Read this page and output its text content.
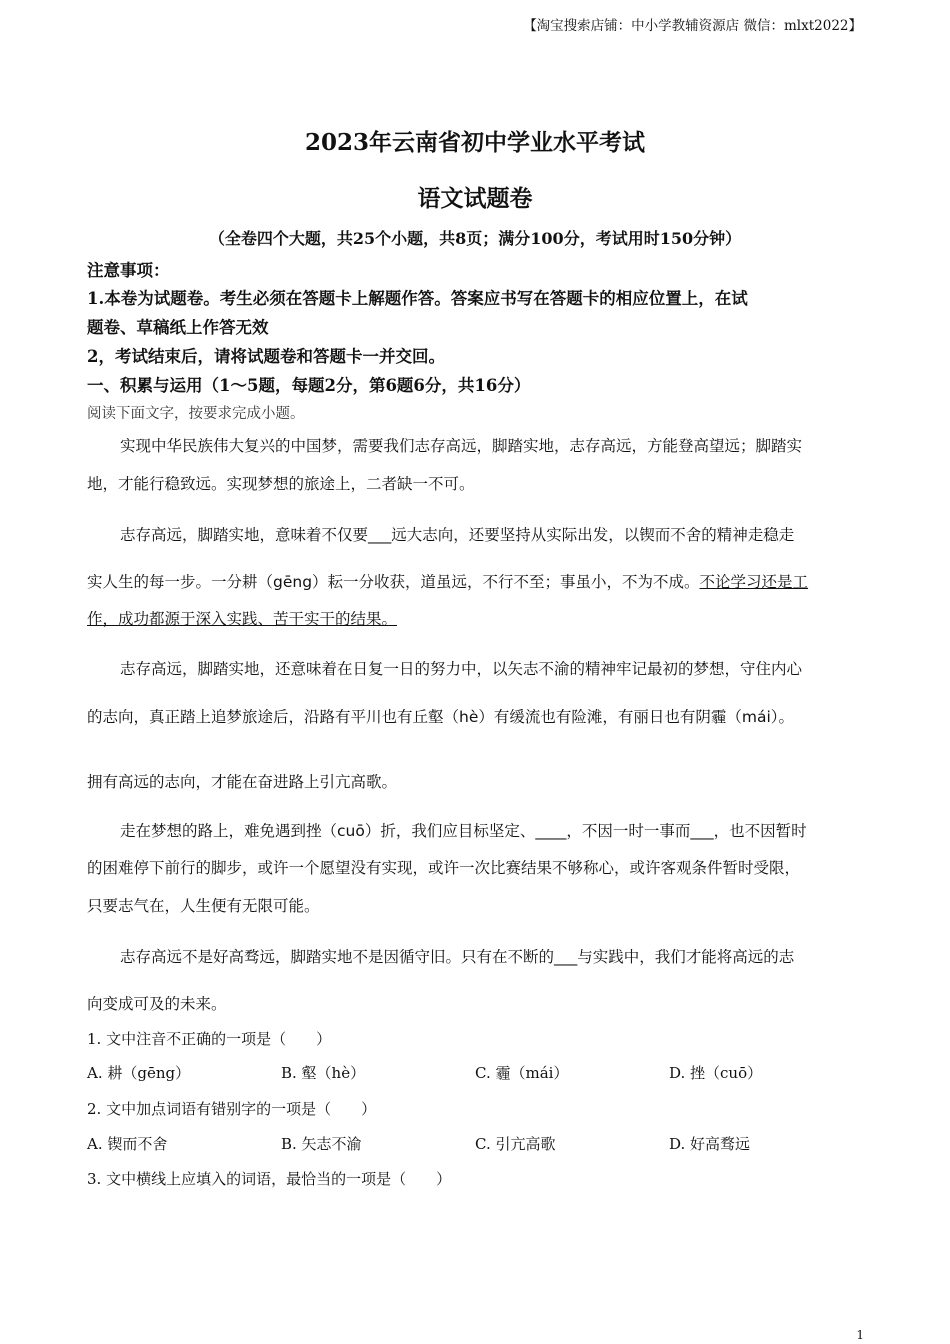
【淘宝搜索店铺：中小学教辅资源店 微信：mlxt2022】
2023年云南省初中学业水平考试
语文试题卷
（全卷四个大题，共25个小题，共8页；满分100分，考试用时150分钟）
注意事项：
1.本卷为试题卷。考生必须在答题卡上解题作答。答案应书写在答题卡的相应位置上，在试
题卷、草稿纸上作答无效
2，考试结束后，请将试题卷和答题卡一并交回。
一、积累与运用（1～5题，每题2分，第6题6分，共16分）
阅读下面文字，按要求完成小题。
实现中华民族伟大复兴的中国梦，需要我们志存高远，脚踏实地，志存高远，方能登高望远；脚踏实
地，才能行稳致远。实现梦想的旅途上，二者缺一不可。
志存高远，脚踏实地，意味着不仅要___远大志向，还要坚持从实际出发，以锲而不舍的精神走稳走
实人生的每一步。一分耕（gēng）耘一分收获，道虽远，不行不至；事虽小，不为不成。不论学习还是工
作，成功都源于深入实践、苦干实干的结果。
志存高远，脚踏实地，还意味着在日复一日的努力中，以矢志不渝的精神牢记最初的梦想，守住内心
的志向，真正踏上追梦旅途后，沿路有平川也有丘壑（hè）有缓流也有险滩，有丽日也有阴霾（mái）。
拥有高远的志向，才能在奋进路上引亢高歌。
走在梦想的路上，难免遇到挫（cuō）折，我们应目标坚定、____，不因一时一事而___，也不因暂时
的困难停下前行的脚步，或许一个愿望没有实现，或许一次比赛结果不够称心，或许客观条件暂时受限，
只要志气在，人生便有无限可能。
志存高远不是好高骛远，脚踏实地不是因循守旧。只有在不断的___与实践中，我们才能将高远的志
向变成可及的未来。
1. 文中注音不正确的一项是（　　）
A. 耕（gēng）	B. 壑（hè）	C. 霾（mái）	D. 挫（cuō）
2. 文中加点词语有错别字的一项是（　　）
A. 锲而不舍	B. 矢志不渝	C. 引亢高歌	D. 好高骛远
3. 文中横线上应填入的词语，最恰当的一项是（　　）
1
